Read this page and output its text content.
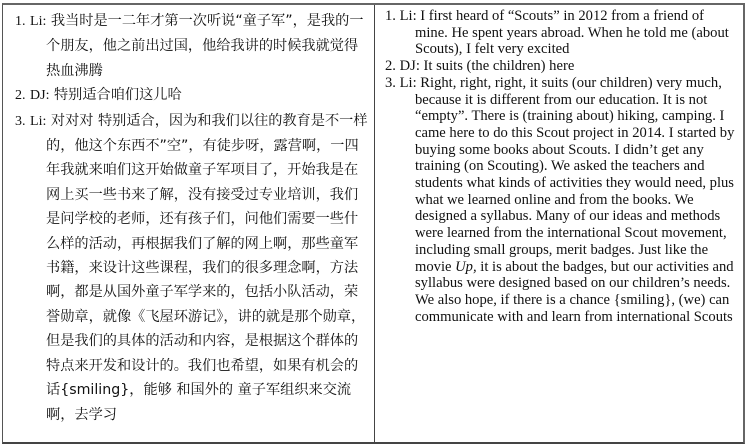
1. Li: 我当时是一二年才第一次听说“童子军”，是我的一个朋友，他之前出过国，他给我讲的时候我就觉得热血沸腾

2. DJ: 特别适合咱们这儿哈

3. Li: 对对对 特别适合，因为和我们以往的教育是不一样的，他这个东西不”空”，有徒步呀，露营啊，一四年我就来咱们这开始做童子军项目了，开始我是在网上买一些书来了解，没有接受过专业培训，我们是问学校的老师，还有孩子们，问他们需要一些什么样的活动，再根据我们了解的网上啊，那些童军书籍，来设计这些课程，我们的很多理念啊，方法啊，都是从国外童子军学来的，包括小队活动，荣誉勋章，就像《飞屋环游记》，讲的就是那个勋章，但是我们的具体的活动和内容，是根据这个群体的特点来开发和设计的。我们也希望，如果有机会的话{smiling}，能够 和国外的 童子军组织来交流啊，去学习

1. Li: I first heard of “Scouts” in 2012 from a friend of mine. He spent years abroad. When he told me (about Scouts), I felt very excited

2. DJ: It suits (the children) here

3. Li: Right, right, right, it suits (our children) very much, because it is different from our education. It is not “empty”. There is (training about) hiking, camping. I came here to do this Scout project in 2014. I started by buying some books about Scouts. I didn’t get any training (on Scouting). We asked the teachers and students what kinds of activities they would need, plus what we learned online and from the books. We designed a syllabus. Many of our ideas and methods were learned from the international Scout movement, including small groups, merit badges. Just like the movie Up, it is about the badges, but our activities and syllabus were designed based on our children’s needs. We also hope, if there is a chance {smiling}, (we) can communicate with and learn from international Scouts
